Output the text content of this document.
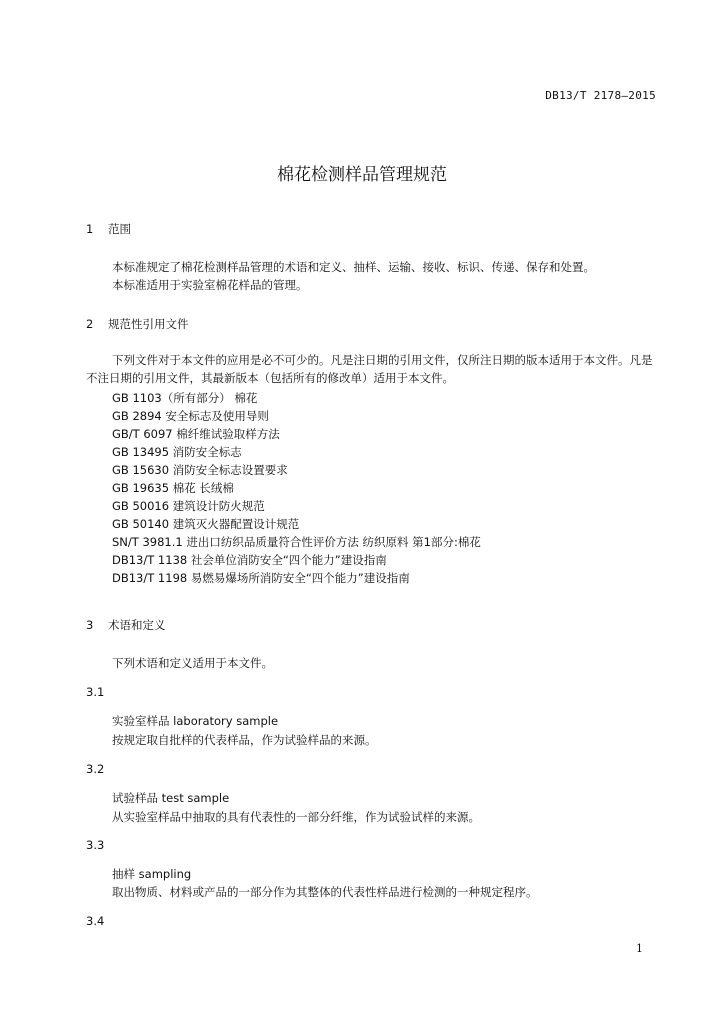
DB13/T 2178—2015
棉花检测样品管理规范
1 范围
本标准规定了棉花检测样品管理的术语和定义、抽样、运输、接收、标识、传递、保存和处置。
本标准适用于实验室棉花样品的管理。
2 规范性引用文件
下列文件对于本文件的应用是必不可少的。凡是注日期的引用文件，仅所注日期的版本适用于本文件。凡是不注日期的引用文件，其最新版本（包括所有的修改单）适用于本文件。
GB 1103（所有部分） 棉花
GB 2894 安全标志及使用导则
GB/T 6097 棉纤维试验取样方法
GB 13495 消防安全标志
GB 15630 消防安全标志设置要求
GB 19635 棉花 长绒棉
GB 50016 建筑设计防火规范
GB 50140 建筑灭火器配置设计规范
SN/T 3981.1 进出口纺织品质量符合性评价方法 纺织原料 第1部分:棉花
DB13/T 1138 社会单位消防安全“四个能力”建设指南
DB13/T 1198 易燃易爆场所消防安全“四个能力”建设指南
3 术语和定义
下列术语和定义适用于本文件。
3.1
实验室样品 laboratory sample
按规定取自批样的代表样品，作为试验样品的来源。
3.2
试验样品 test sample
从实验室样品中抽取的具有代表性的一部分纤维，作为试验试样的来源。
3.3
抽样 sampling
取出物质、材料或产品的一部分作为其整体的代表性样品进行检测的一种规定程序。
3.4
1
